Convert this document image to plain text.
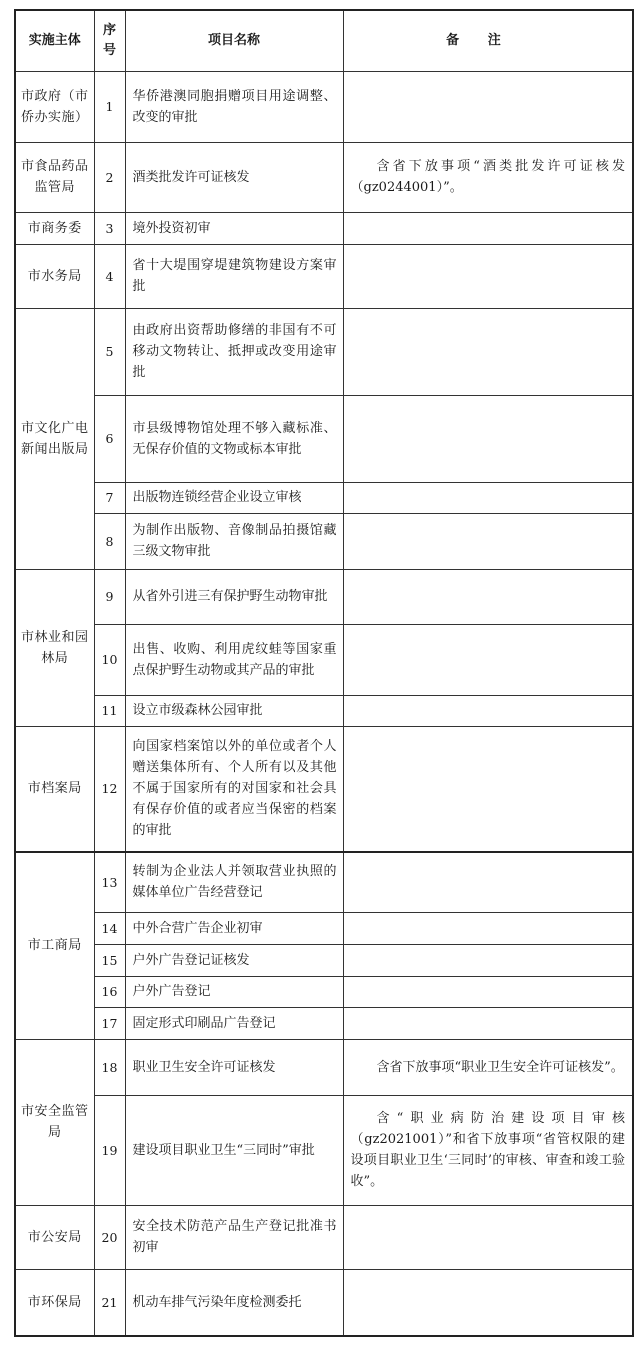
实施主体	序号	项目名称	备注
市政府（市侨办实施）	1	华侨港澳同胞捐赠项目用途调整、改变的审批	
市食品药品监管局	2	酒类批发许可证核发	含省下放事项“酒类批发许可证核发（gz0244001）”。
市商务委	3	境外投资初审	
市水务局	4	省十大堤围穿堤建筑物建设方案审批	
市文化广电新闻出版局	5	由政府出资帮助修缮的非国有不可移动文物转让、抵押或改变用途审批	
	6	市县级博物馆处理不够入藏标准、无保存价值的文物或标本审批	
	7	出版物连锁经营企业设立审核	
	8	为制作出版物、音像制品拍摄馆藏三级文物审批	
市林业和园林局	9	从省外引进三有保护野生动物审批	
	10	出售、收购、利用虎纹蛙等国家重点保护野生动物或其产品的审批	
	11	设立市级森林公园审批	
市档案局	12	向国家档案馆以外的单位或者个人赠送集体所有、个人所有以及其他不属于国家所有的对国家和社会具有保存价值的或者应当保密的档案的审批	
市工商局	13	转制为企业法人并领取营业执照的媒体单位广告经营登记	
	14	中外合营广告企业初审	
	15	户外广告登记证核发	
	16	户外广告登记	
	17	固定形式印刷品广告登记	
市安全监管局	18	职业卫生安全许可证核发	含省下放事项“职业卫生安全许可证核发”。
	19	建设项目职业卫生“三同时”审批	含“职业病防治建设项目审核（gz2021001）”和省下放事项“省管权限的建设项目职业卫生‘三同时’的审核、审查和竣工验收”。
市公安局	20	安全技术防范产品生产登记批准书初审	
市环保局	21	机动车排气污染年度检测委托	
